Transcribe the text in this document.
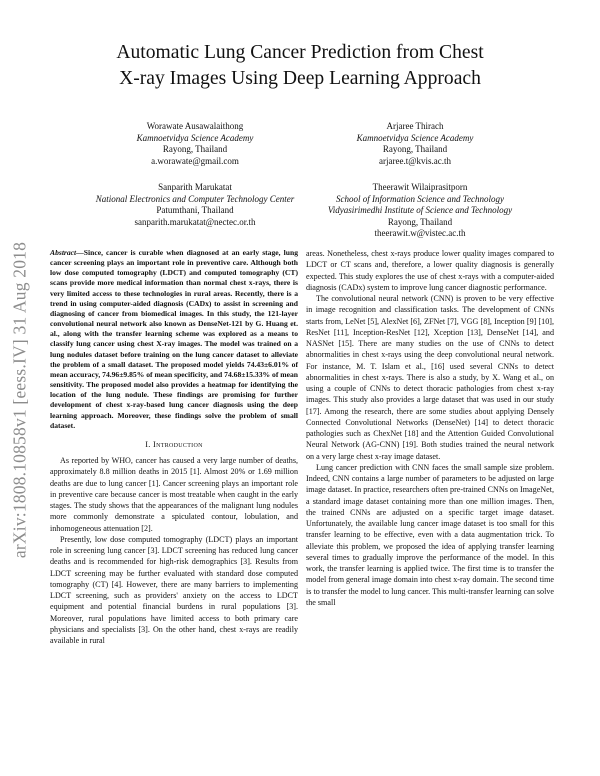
arXiv:1808.10858v1 [eess.IV] 31 Aug 2018
Automatic Lung Cancer Prediction from Chest
X-ray Images Using Deep Learning Approach
Worawate Ausawalaithong
Kamnoetvidya Science Academy
Rayong, Thailand
a.worawate@gmail.com
Arjaree Thirach
Kamnoetvidya Science Academy
Rayong, Thailand
arjaree.t@kvis.ac.th
Sanparith Marukatat
National Electronics and Computer Technology Center
Patumthani, Thailand
sanparith.marukatat@nectec.or.th
Theerawit Wilaiprasitporn
School of Information Science and Technology
Vidyasirimedhi Institute of Science and Technology
Rayong, Thailand
theerawit.w@vistec.ac.th

Abstract—Since, cancer is curable when diagnosed at an early stage, lung cancer screening plays an important role in preventive care. Although both low dose computed tomography (LDCT) and computed tomography (CT) scans provide more medical information than normal chest x-rays, there is very limited access to these technologies in rural areas. Recently, there is a trend in using computer-aided diagnosis (CADx) to assist in screening and diagnosing of cancer from biomedical images. In this study, the 121-layer convolutional neural network also known as DenseNet-121 by G. Huang et. al., along with the transfer learning scheme was explored as a means to classify lung cancer using chest X-ray images. The model was trained on a lung nodules dataset before training on the lung cancer dataset to alleviate the problem of a small dataset. The proposed model yields 74.43±6.01% of mean accuracy, 74.96±9.85% of mean specificity, and 74.68±15.33% of mean sensitivity. The proposed model also provides a heatmap for identifying the location of the lung nodule. These findings are promising for further development of chest x-ray-based lung cancer diagnosis using the deep learning approach. Moreover, these findings solve the problem of small dataset.

I. Introduction

As reported by WHO, cancer has caused a very large number of deaths, approximately 8.8 million deaths in 2015 [1]. Almost 20% or 1.69 million deaths are due to lung cancer [1]. Cancer screening plays an important role in preventive care because cancer is most treatable when caught in the early stages. The study shows that the appearances of the malignant lung nodules more commonly demonstrate a spiculated contour, lobulation, and inhomogeneous attenuation [2].

Presently, low dose computed tomography (LDCT) plays an important role in screening lung cancer [3]. LDCT screening has reduced lung cancer deaths and is recommended for high-risk demographics [3]. Results from LDCT screening may be further evaluated with standard dose computed tomography (CT) [4]. However, there are many barriers to implementing LDCT screening, such as providers' anxiety on the access to LDCT equipment and potential financial burdens in rural populations [3]. Moreover, rural populations have limited access to both primary care physicians and specialists [3]. On the other hand, chest x-rays are readily available in rural

areas. Nonetheless, chest x-rays produce lower quality images compared to LDCT or CT scans and, therefore, a lower quality diagnosis is generally expected. This study explores the use of chest x-rays with a computer-aided diagnosis (CADx) system to improve lung cancer diagnostic performance.

The convolutional neural network (CNN) is proven to be very effective in image recognition and classification tasks. The development of CNNs starts from, LeNet [5], AlexNet [6], ZFNet [7], VGG [8], Inception [9] [10], ResNet [11], Inception-ResNet [12], Xception [13], DenseNet [14], and NASNet [15]. There are many studies on the use of CNNs to detect abnormalities in chest x-rays using the deep convolutional neural network. For instance, M. T. Islam et al., [16] used several CNNs to detect abnormalities in chest x-rays. There is also a study, by X. Wang et al., on using a couple of CNNs to detect thoracic pathologies from chest x-ray images. This study also provides a large dataset that was used in our study [17]. Among the research, there are some studies about applying Densely Connected Convolutional Networks (DenseNet) [14] to detect thoracic pathologies such as ChexNet [18] and the Attention Guided Convolutional Neural Network (AG-CNN) [19]. Both studies trained the neural network on a very large chest x-ray image dataset.

Lung cancer prediction with CNN faces the small sample size problem. Indeed, CNN contains a large number of parameters to be adjusted on large image dataset. In practice, researchers often pre-trained CNNs on ImageNet, a standard image dataset containing more than one million images. Then, the trained CNNs are adjusted on a specific target image dataset. Unfortunately, the available lung cancer image dataset is too small for this transfer learning to be effective, even with a data augmentation trick. To alleviate this problem, we proposed the idea of applying transfer learning several times to gradually improve the performance of the model. In this work, the transfer learning is applied twice. The first time is to transfer the model from general image domain into chest x-ray domain. The second time is to transfer the model to lung cancer. This multi-transfer learning can solve the small
